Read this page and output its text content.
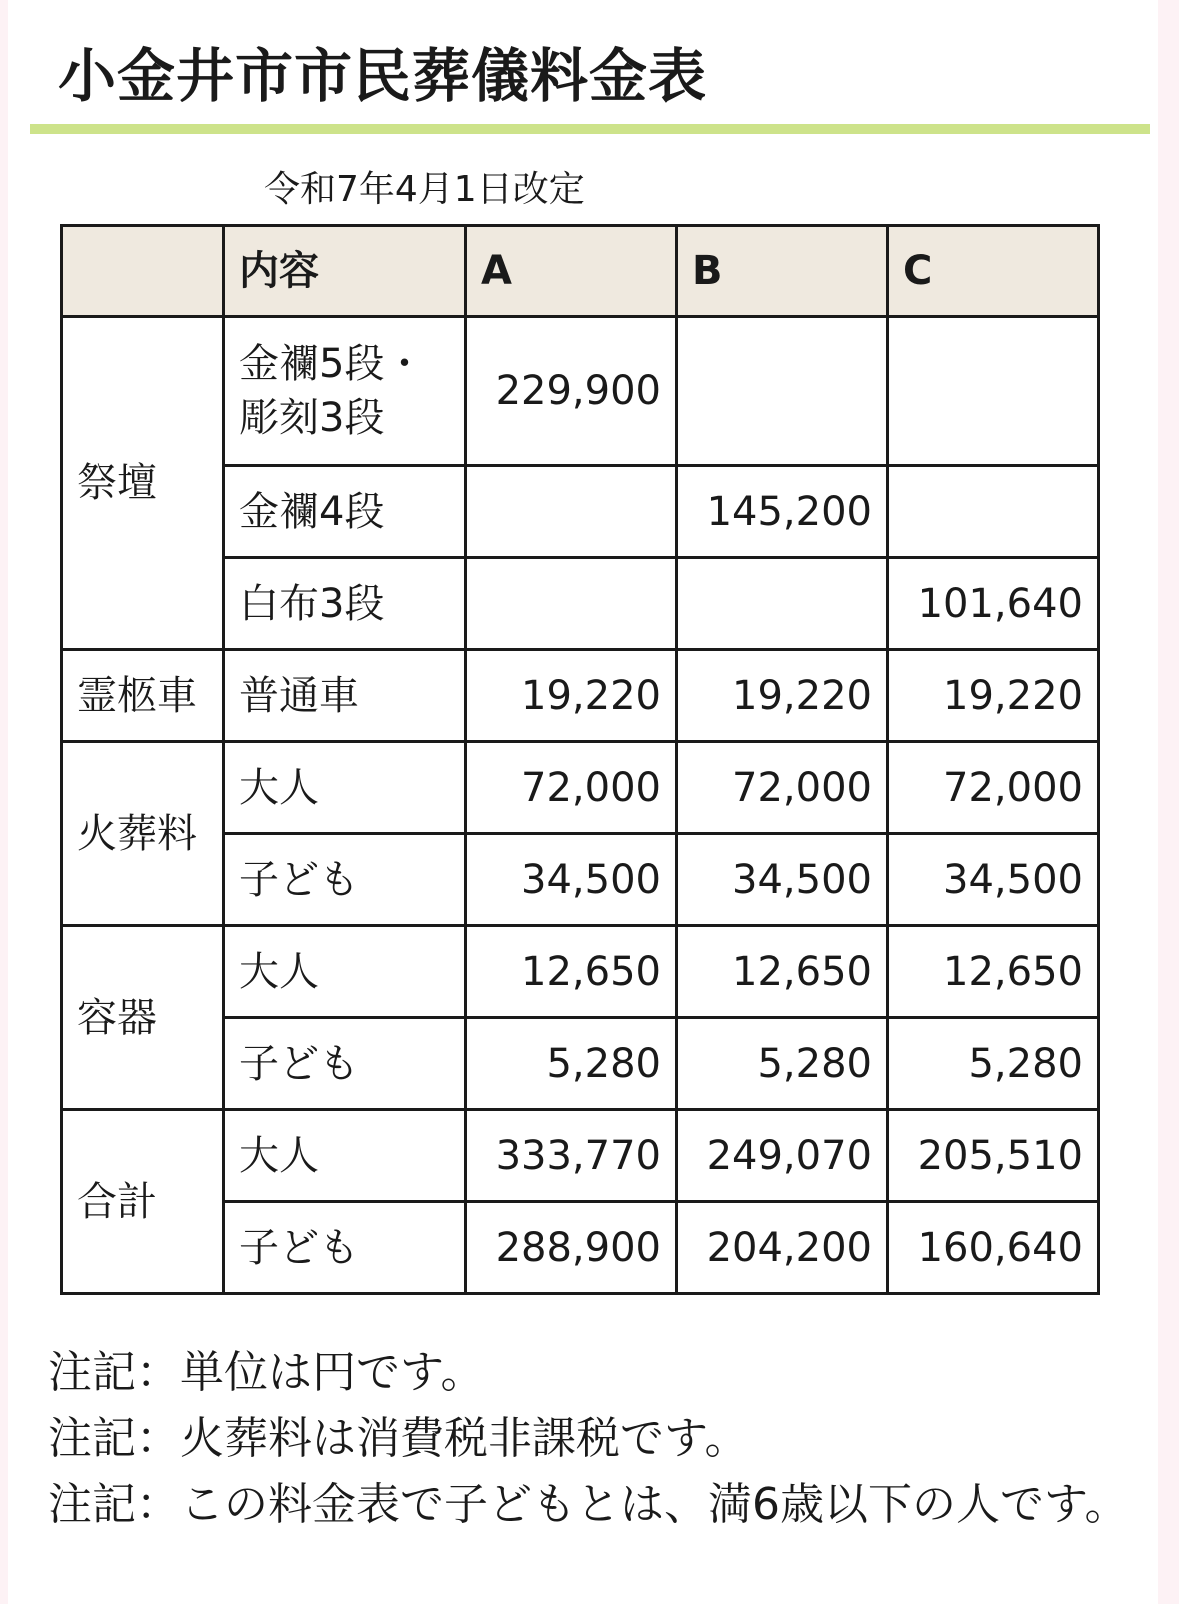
小金井市市民葬儀料金表
令和7年4月1日改定
	内容	A	B	C
祭壇	金襴5段・彫刻3段	229,900		
	金襴4段		145,200	
	白布3段			101,640
霊柩車	普通車	19,220	19,220	19,220
火葬料	大人	72,000	72,000	72,000
	子ども	34,500	34,500	34,500
容器	大人	12,650	12,650	12,650
	子ども	5,280	5,280	5,280
合計	大人	333,770	249,070	205,510
	子ども	288,900	204,200	160,640

注記：単位は円です。

注記：火葬料は消費税非課税です。

注記：この料金表で子どもとは、満6歳以下の人です。
